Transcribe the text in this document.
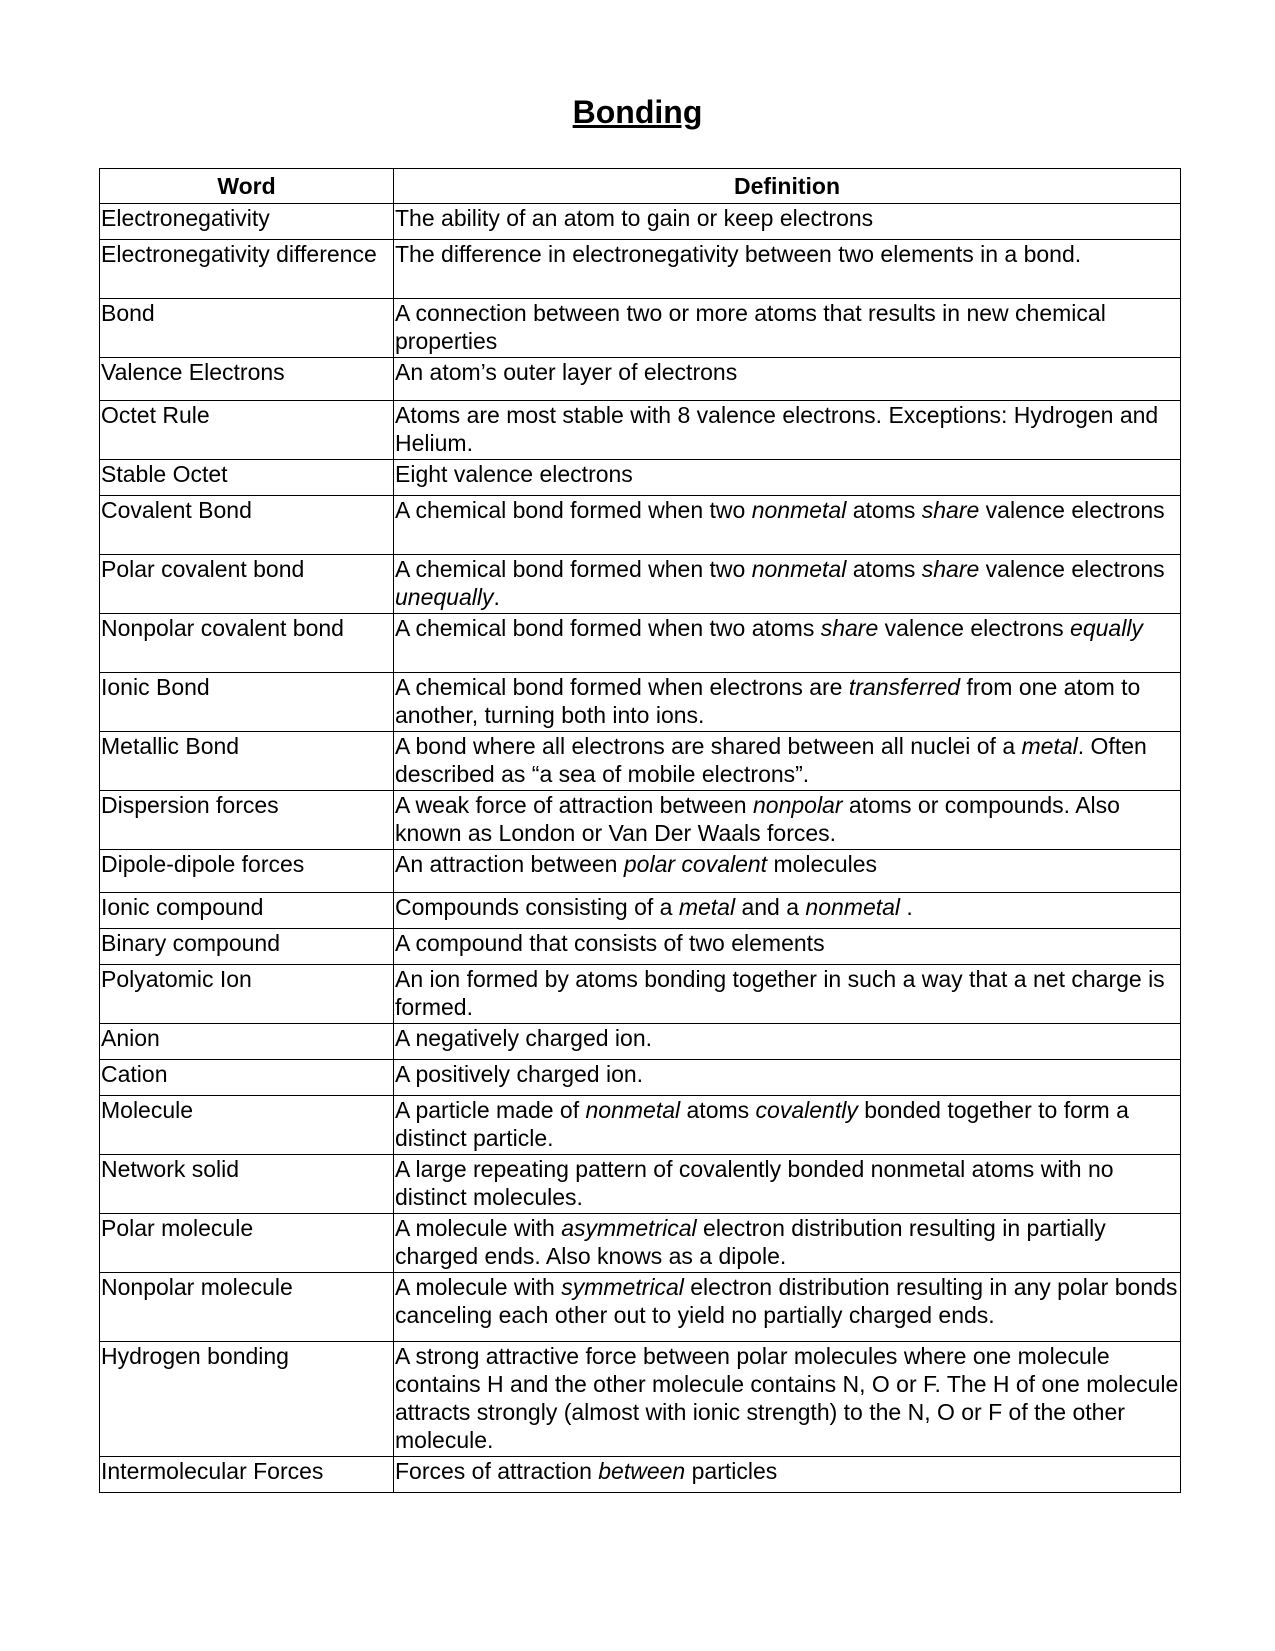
Bonding
Word	Definition
Electronegativity	The ability of an atom to gain or keep electrons
Electronegativity difference	The difference in electronegativity between two elements in a bond.
Bond	A connection between two or more atoms that results in new chemical properties
Valence Electrons	An atom’s outer layer of electrons
Octet Rule	Atoms are most stable with 8 valence electrons. Exceptions: Hydrogen and Helium.
Stable Octet	Eight valence electrons
Covalent Bond	A chemical bond formed when two nonmetal atoms share valence electrons
Polar covalent bond	A chemical bond formed when two nonmetal atoms share valence electrons unequally.
Nonpolar covalent bond	A chemical bond formed when two atoms share valence electrons equally
Ionic Bond	A chemical bond formed when electrons are transferred from one atom to another, turning both into ions.
Metallic Bond	A bond where all electrons are shared between all nuclei of a metal. Often described as “a sea of mobile electrons”.
Dispersion forces	A weak force of attraction between nonpolar atoms or compounds. Also known as London or Van Der Waals forces.
Dipole-dipole forces	An attraction between polar covalent molecules
Ionic compound	Compounds consisting of a metal and a nonmetal .
Binary compound	A compound that consists of two elements
Polyatomic Ion	An ion formed by atoms bonding together in such a way that a net charge is formed.
Anion	A negatively charged ion.
Cation	A positively charged ion.
Molecule	A particle made of nonmetal atoms covalently bonded together to form a distinct particle.
Network solid	A large repeating pattern of covalently bonded nonmetal atoms with no distinct molecules.
Polar molecule	A molecule with asymmetrical electron distribution resulting in partially charged ends. Also knows as a dipole.
Nonpolar molecule	A molecule with symmetrical electron distribution resulting in any polar bonds canceling each other out to yield no partially charged ends.
Hydrogen bonding	A strong attractive force between polar molecules where one molecule contains H and the other molecule contains N, O or F. The H of one molecule attracts strongly (almost with ionic strength) to the N, O or F of the other molecule.
Intermolecular Forces	Forces of attraction between particles
